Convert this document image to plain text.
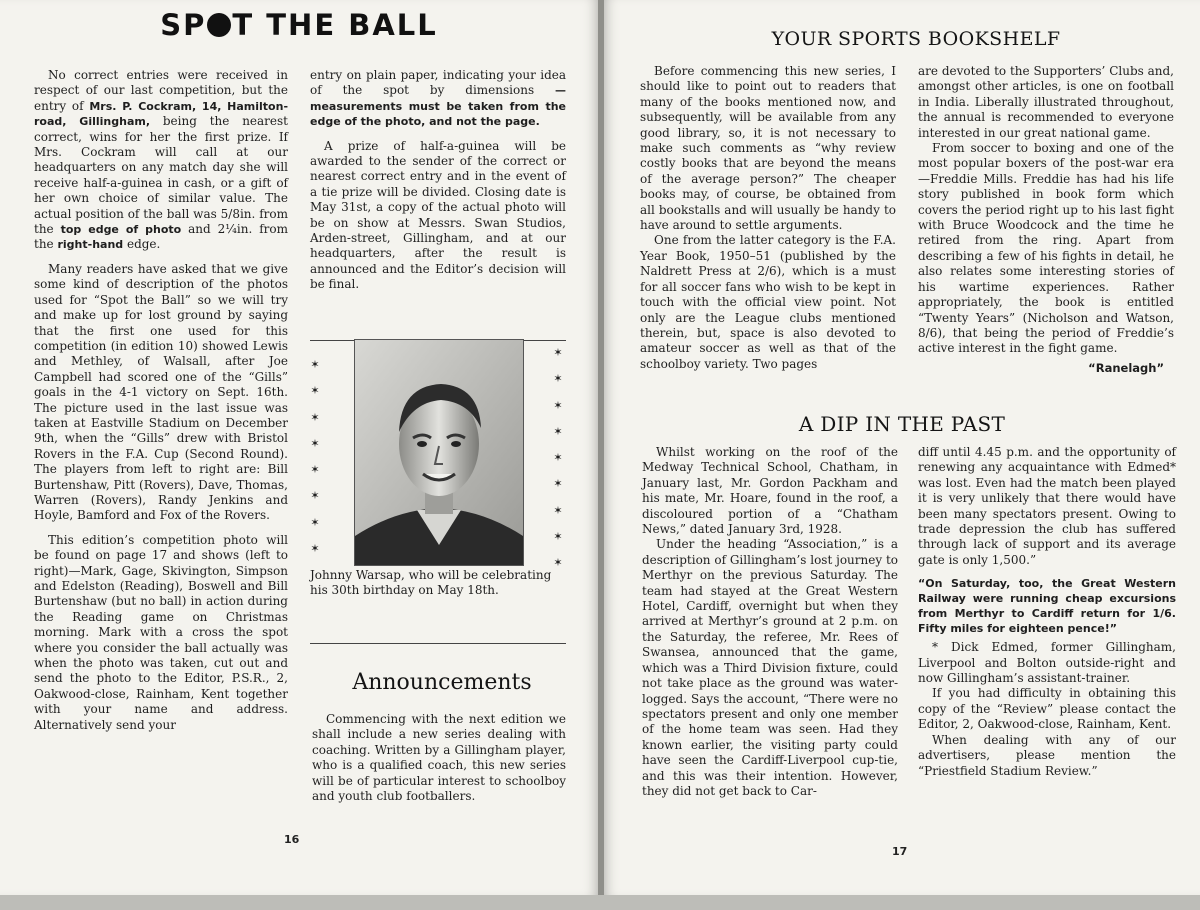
SP T THE BALL

No correct entries were received in respect of our last competition, but the entry of Mrs. P. Cockram, 14, Hamilton-road, Gillingham, being the nearest correct, wins for her the first prize. If Mrs. Cockram will call at our headquarters on any match day she will receive half-a-guinea in cash, or a gift of her own choice of similar value. The actual position of the ball was 5/8in. from the top edge of photo and 2¼in. from the right-hand edge.

Many readers have asked that we give some kind of description of the photos used for “Spot the Ball” so we will try and make up for lost ground by saying that the first one used for this competition (in edition 10) showed Lewis and Methley, of Walsall, after Joe Campbell had scored one of the “Gills” goals in the 4-1 victory on Sept. 16th. The picture used in the last issue was taken at Eastville Stadium on December 9th, when the “Gills” drew with Bristol Rovers in the F.A. Cup (Second Round). The players from left to right are: Bill Burtenshaw, Pitt (Rovers), Dave, Thomas, Warren (Rovers), Randy Jenkins and Hoyle, Bamford and Fox of the Rovers.

This edition’s competition photo will be found on page 17 and shows (left to right)—Mark, Gage, Skivington, Simpson and Edelston (Reading), Boswell and Bill Burtenshaw (but no ball) in action during the Reading game on Christmas morning. Mark with a cross the spot where you consider the ball actually was when the photo was taken, cut out and send the photo to the Editor, P.S.R., 2, Oakwood-close, Rainham, Kent together with your name and address. Alternatively send your

entry on plain paper, indicating your idea of the spot by dimensions —measurements must be taken from the edge of the photo, and not the page.

A prize of half-a-guinea will be awarded to the sender of the correct or nearest correct entry and in the event of a tie prize will be divided. Closing date is May 31st, a copy of the actual photo will be on show at Messrs. Swan Studios, Arden-street, Gillingham, and at our headquarters, after the result is announced and the Editor’s decision will be final.

✶
✶
✶
✶
✶
✶
✶
✶
✶
✶
✶
✶
✶
✶
✶
✶
✶

Johnny Warsap, who will be celebrating his 30th birthday on May 18th.

Announcements

Commencing with the next edition we shall include a new series dealing with coaching. Written by a Gillingham player, who is a qualified coach, this new series will be of particular interest to schoolboy and youth club footballers.

16
YOUR SPORTS BOOKSHELF

Before commencing this new series, I should like to point out to readers that many of the books mentioned now, and subsequently, will be available from any good library, so, it is not necessary to make such comments as “why review costly books that are beyond the means of the average person?” The cheaper books may, of course, be obtained from all bookstalls and will usually be handy to have around to settle arguments.

One from the latter category is the F.A. Year Book, 1950–51 (published by the Naldrett Press at 2/6), which is a must for all soccer fans who wish to be kept in touch with the official view point. Not only are the League clubs mentioned therein, but, space is also devoted to amateur soccer as well as that of the schoolboy variety. Two pages

are devoted to the Supporters’ Clubs and, amongst other articles, is one on football in India. Liberally illustrated throughout, the annual is recommended to everyone interested in our great national game.

From soccer to boxing and one of the most popular boxers of the post-war era—Freddie Mills. Freddie has had his life story published in book form which covers the period right up to his last fight with Bruce Woodcock and the time he retired from the ring. Apart from describing a few of his fights in detail, he also relates some interesting stories of his wartime experiences. Rather appropriately, the book is entitled “Twenty Years” (Nicholson and Watson, 8/6), that being the period of Freddie’s active interest in the fight game.

“Ranelagh”

A DIP IN THE PAST

Whilst working on the roof of the Medway Technical School, Chatham, in January last, Mr. Gordon Packham and his mate, Mr. Hoare, found in the roof, a discoloured portion of a “Chatham News,” dated January 3rd, 1928.

Under the heading “Association,” is a description of Gillingham’s lost journey to Merthyr on the previous Saturday. The team had stayed at the Great Western Hotel, Cardiff, overnight but when they arrived at Merthyr’s ground at 2 p.m. on the Saturday, the referee, Mr. Rees of Swansea, announced that the game, which was a Third Division fixture, could not take place as the ground was water-logged. Says the account, “There were no spectators present and only one member of the home team was seen. Had they known earlier, the visiting party could have seen the Cardiff-Liverpool cup-tie, and this was their intention. However, they did not get back to Car-

diff until 4.45 p.m. and the opportunity of renewing any acquaintance with Edmed* was lost. Even had the match been played it is very unlikely that there would have been many spectators present. Owing to trade depression the club has suffered through lack of support and its average gate is only 1,500.”

“On Saturday, too, the Great Western Railway were running cheap excursions from Merthyr to Cardiff return for 1/6. Fifty miles for eighteen pence!”

* Dick Edmed, former Gillingham, Liverpool and Bolton outside-right and now Gillingham’s assistant-trainer.

If you had difficulty in obtaining this copy of the “Review” please contact the Editor, 2, Oakwood-close, Rainham, Kent.

When dealing with any of our advertisers, please mention the “Priestfield Stadium Review.”

17
